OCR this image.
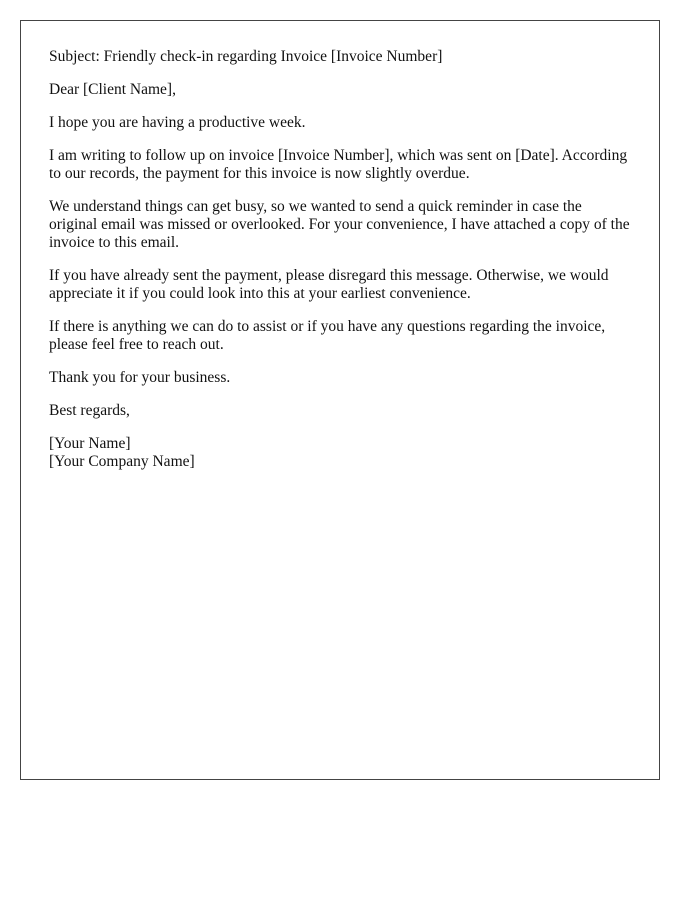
Subject: Friendly check-in regarding Invoice [Invoice Number]

Dear [Client Name],

I hope you are having a productive week.

I am writing to follow up on invoice [Invoice Number], which was sent on [Date]. According to our records, the payment for this invoice is now slightly overdue.

We understand things can get busy, so we wanted to send a quick reminder in case the original email was missed or overlooked. For your convenience, I have attached a copy of the invoice to this email.

If you have already sent the payment, please disregard this message. Otherwise, we would appreciate it if you could look into this at your earliest convenience.

If there is anything we can do to assist or if you have any questions regarding the invoice, please feel free to reach out.

Thank you for your business.

Best regards,

[Your Name]
[Your Company Name]
